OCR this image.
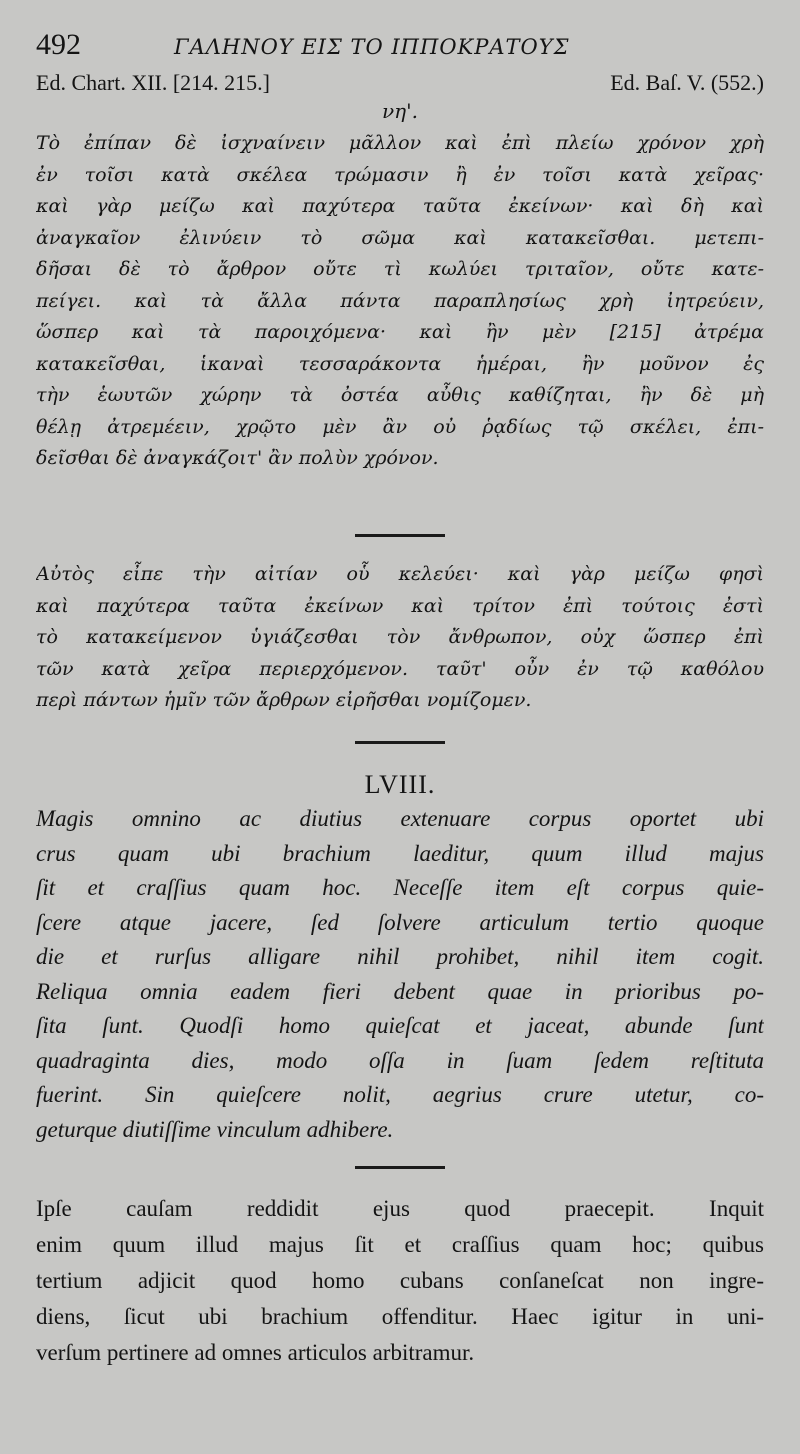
492	ΓΑΛΗΝΟΥ ΕΙΣ ΤΟ ΙΠΠΟΚΡΑΤΟΥΣ
Ed. Chart. XII. [214. 215.]	Ed. Baſ. V. (552.)
νη'.
Τὸ ἐπίπαν δὲ ἰσχναίνειν μᾶλλον καὶ ἐπὶ πλείω χρόνον χρὴ
ἐν τοῖσι κατὰ σκέλεα τρώμασιν ἢ ἐν τοῖσι κατὰ χεῖρας·
καὶ γὰρ μείζω καὶ παχύτερα ταῦτα ἐκείνων· καὶ δὴ καὶ
ἀναγκαῖον ἐλινύειν τὸ σῶμα καὶ κατακεῖσθαι. μετεπι-
δῆσαι δὲ τὸ ἄρθρον οὔτε τὶ κωλύει τριταῖον, οὔτε κατε-
πείγει. καὶ τὰ ἄλλα πάντα παραπλησίως χρὴ ἰητρεύειν,
ὥσπερ καὶ τὰ παροιχόμενα· καὶ ἢν μὲν [215] ἀτρέμα
κατακεῖσθαι, ἱκαναὶ τεσσαράκοντα ἡμέραι, ἢν μοῦνον ἐς
τὴν ἑωυτῶν χώρην τὰ ὀστέα αὖθις καθίζηται, ἢν δὲ μὴ
θέλῃ ἀτρεμέειν, χρῷτο μὲν ἂν οὐ ῥᾳδίως τῷ σκέλει, ἐπι-
δεῖσθαι δὲ ἀναγκάζοιτ' ἂν πολὺν χρόνον.
Αὐτὸς εἶπε τὴν αἰτίαν οὗ κελεύει· καὶ γὰρ μείζω φησὶ
καὶ παχύτερα ταῦτα ἐκείνων καὶ τρίτον ἐπὶ τούτοις ἐστὶ
τὸ κατακείμενον ὑγιάζεσθαι τὸν ἄνθρωπον, οὐχ ὥσπερ ἐπὶ
τῶν κατὰ χεῖρα περιερχόμενον. ταῦτ' οὖν ἐν τῷ καθόλου
περὶ πάντων ἡμῖν τῶν ἄρθρων εἰρῆσθαι νομίζομεν.
LVIII.
Magis omnino ac diutius extenuare corpus oportet ubi
crus quam ubi brachium laeditur, quum illud majus
ſit et craſſius quam hoc. Neceſſe item eſt corpus quie-
ſcere atque jacere, ſed ſolvere articulum tertio quoque
die et rurſus alligare nihil prohibet, nihil item cogit.
Reliqua omnia eadem fieri debent quae in prioribus po-
ſita ſunt. Quodſi homo quieſcat et jaceat, abunde ſunt
quadraginta dies, modo oſſa in ſuam ſedem reſtituta
fuerint. Sin quieſcere nolit, aegrius crure utetur, co-
geturque diutiſſime vinculum adhibere.
Ipſe cauſam reddidit ejus quod praecepit. Inquit
enim quum illud majus ſit et craſſius quam hoc; quibus
tertium adjicit quod homo cubans conſaneſcat non ingre-
diens, ſicut ubi brachium offenditur. Haec igitur in uni-
verſum pertinere ad omnes articulos arbitramur.
